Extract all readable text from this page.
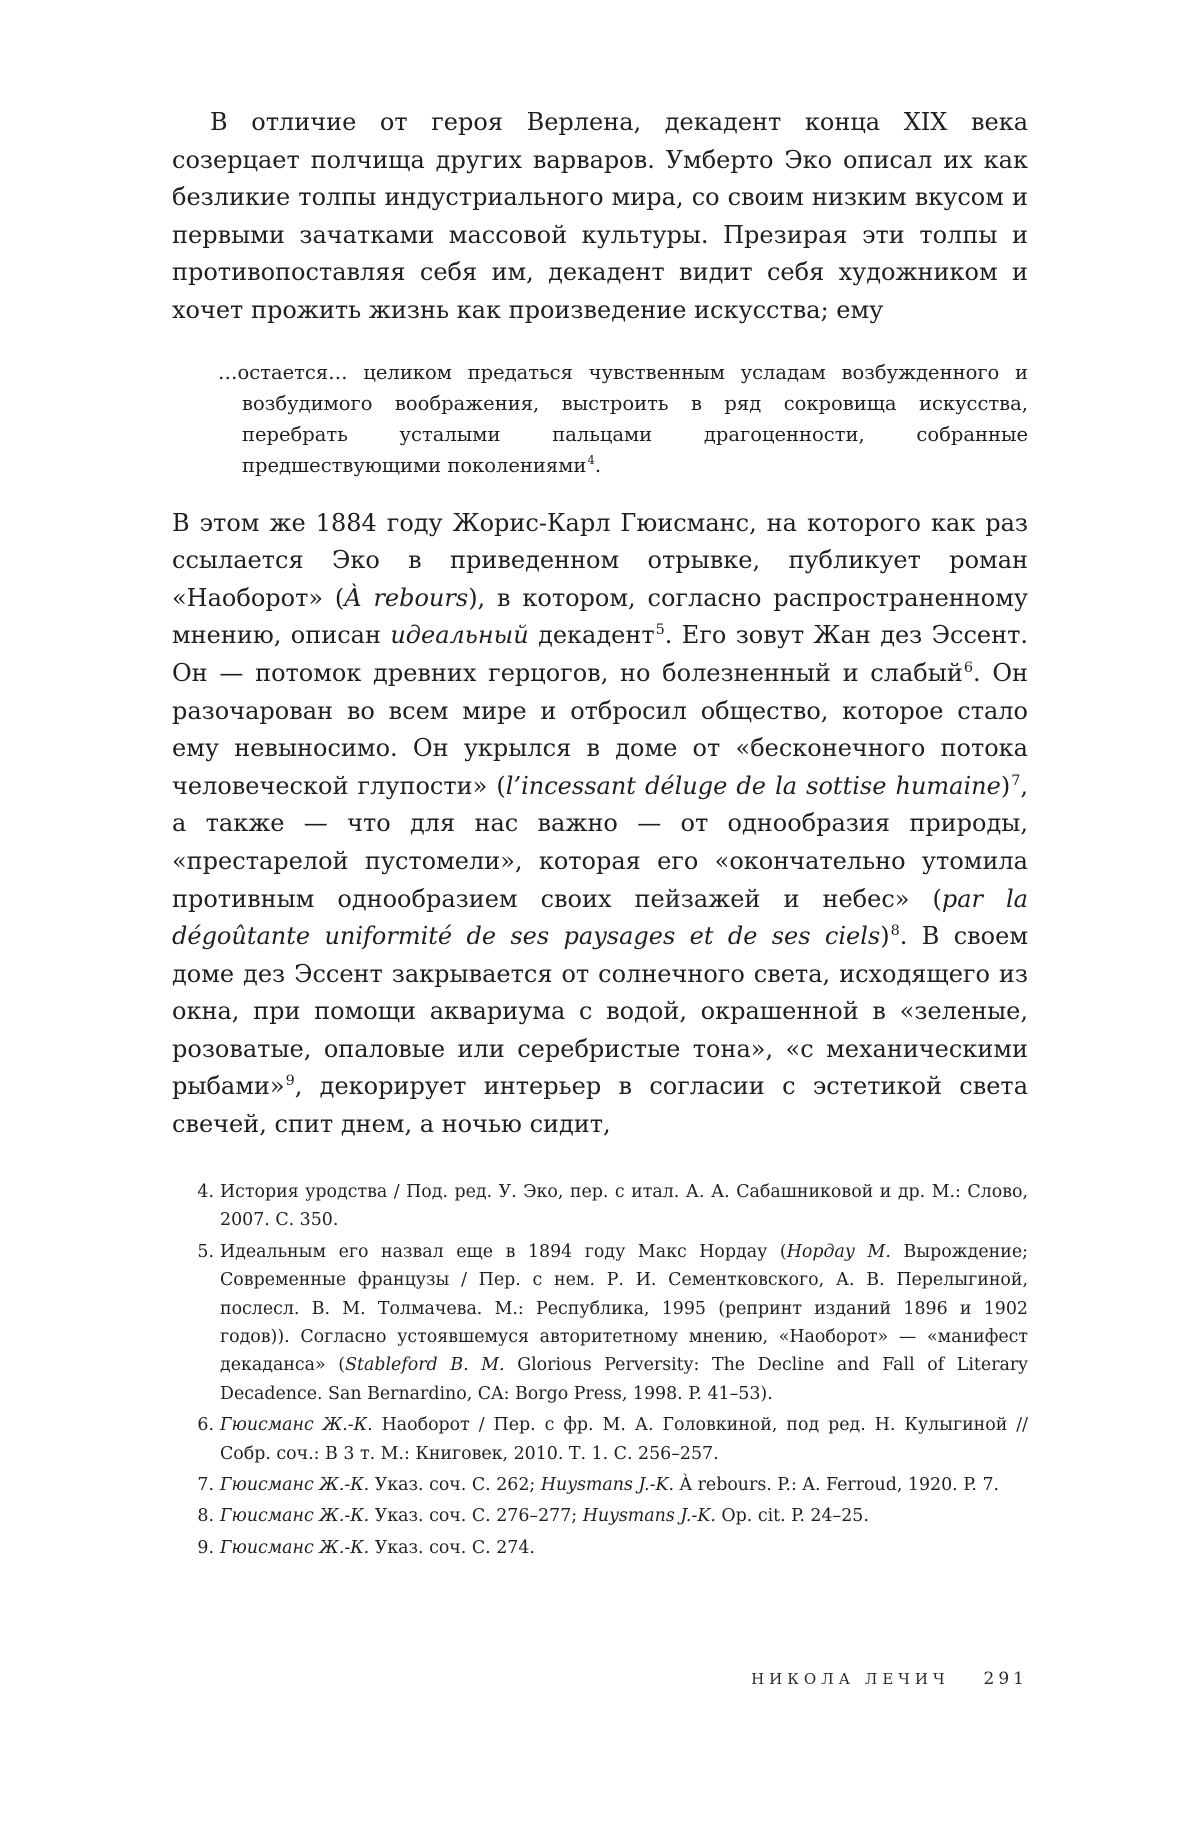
В отличие от героя Верлена, декадент конца XIX века созерцает полчища других варваров. Умберто Эко описал их как безликие толпы индустриального мира, со своим низким вкусом и первыми зачатками массовой культуры. Презирая эти толпы и противопоставляя себя им, декадент видит себя художником и хочет прожить жизнь как произведение искусства; ему

…остается… целиком предаться чувственным усладам возбужденного и возбудимого воображения, выстроить в ряд сокровища искусства, перебрать усталыми пальцами драгоценности, собранные предшествующими поколениями$^4$.

В этом же 1884 году Жорис-Карл Гюисманс, на которого как раз ссылается Эко в приведенном отрывке, публикует роман «Наоборот» (À rebours), в котором, согласно распространенному мнению, описан идеальный декадент$^5$. Его зовут Жан дез Эссент. Он — потомок древних герцогов, но болезненный и слабый$^6$. Он разочарован во всем мире и отбросил общество, которое стало ему невыносимо. Он укрылся в доме от «бесконечного потока человеческой глупости» (l’incessant déluge de la sottise humaine)$^7$, а также — что для нас важно — от однообразия природы, «престарелой пустомели», которая его «окончательно утомила противным однообразием своих пейзажей и небес» (par la dégoûtante uniformité de ses paysages et de ses ciels)$^8$. В своем доме дез Эссент закрывается от солнечного света, исходящего из окна, при помощи аквариума с водой, окрашенной в «зеленые, розоватые, опаловые или серебристые тона», «с механическими рыбами»$^9$, декорирует интерьер в согласии с эстетикой света свечей, спит днем, а ночью сидит,

4. История уродства / Под. ред. У. Эко, пер. с итал. А. А. Сабашниковой и др. М.: Слово, 2007. С. 350.
5. Идеальным его назвал еще в 1894 году Макс Нордау (Нордау М. Вырождение; Современные французы / Пер. с нем. Р. И. Сементковского, А. В. Перелыгиной, послесл. В. М. Толмачева. М.: Республика, 1995 (репринт изданий 1896 и 1902 годов)). Согласно устоявшемуся авторитетному мнению, «Наоборот» — «манифест декаданса» (Stableford B. M. Glorious Perversity: The Decline and Fall of Literary Decadence. San Bernardino, CA: Borgo Press, 1998. P. 41–53).
6. Гюисманс Ж.-К. Наоборот / Пер. с фр. М. А. Головкиной, под ред. Н. Кулыгиной // Собр. соч.: В 3 т. М.: Книговек, 2010. Т. 1. С. 256–257.
7. Гюисманс Ж.-К. Указ. соч. С. 262; Huysmans J.-K. À rebours. P.: A. Ferroud, 1920. P. 7.
8. Гюисманс Ж.-К. Указ. соч. С. 276–277; Huysmans J.-K. Op. cit. P. 24–25.
9. Гюисманс Ж.-К. Указ. соч. С. 274.
НИКОЛА ЛЕЧИЧ 291
